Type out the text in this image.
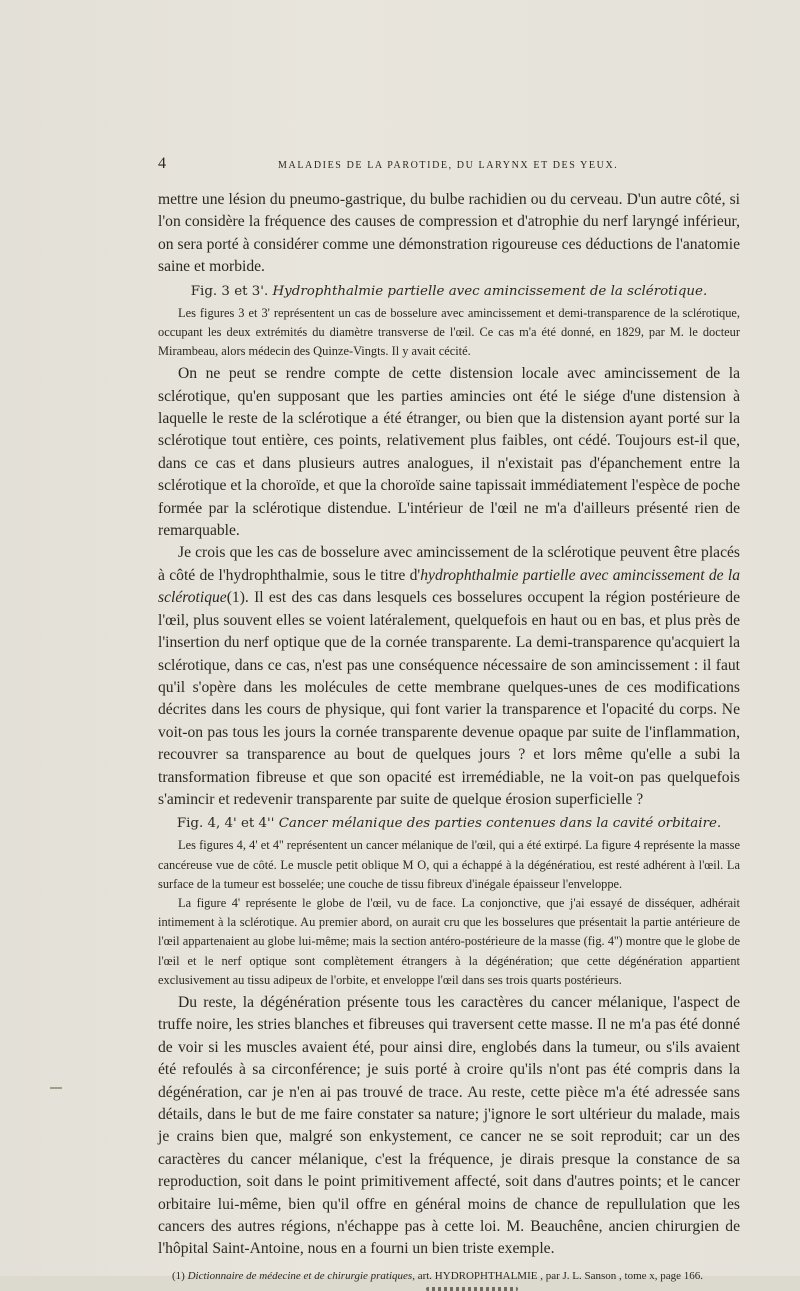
4	MALADIES DE LA PAROTIDE, DU LARYNX ET DES YEUX.

mettre une lésion du pneumo-gastrique, du bulbe rachidien ou du cerveau. D'un autre côté, si l'on considère la fréquence des causes de compression et d'atrophie du nerf laryngé inférieur, on sera porté à considérer comme une démonstration rigoureuse ces déductions de l'anatomie saine et morbide.

Fig. 3 et 3'. Hydrophthalmie partielle avec amincissement de la sclérotique.

Les figures 3 et 3' représentent un cas de bosselure avec amincissement et demi-transparence de la sclérotique, occupant les deux extrémités du diamètre transverse de l'œil. Ce cas m'a été donné, en 1829, par M. le docteur Mirambeau, alors médecin des Quinze-Vingts. Il y avait cécité.

On ne peut se rendre compte de cette distension locale avec amincissement de la sclérotique, qu'en supposant que les parties amincies ont été le siége d'une distension à laquelle le reste de la sclérotique a été étranger, ou bien que la distension ayant porté sur la sclérotique tout entière, ces points, relativement plus faibles, ont cédé. Toujours est-il que, dans ce cas et dans plusieurs autres analogues, il n'existait pas d'épanchement entre la sclérotique et la choroïde, et que la choroïde saine tapissait immédiatement l'espèce de poche formée par la sclérotique distendue. L'intérieur de l'œil ne m'a d'ailleurs présenté rien de remarquable.

Je crois que les cas de bosselure avec amincissement de la sclérotique peuvent être placés à côté de l'hydrophthalmie, sous le titre d'hydrophthalmie partielle avec amincissement de la sclérotique(1). Il est des cas dans lesquels ces bosselures occupent la région postérieure de l'œil, plus souvent elles se voient latéralement, quelquefois en haut ou en bas, et plus près de l'insertion du nerf optique que de la cornée transparente. La demi-transparence qu'acquiert la sclérotique, dans ce cas, n'est pas une conséquence nécessaire de son amincissement : il faut qu'il s'opère dans les molécules de cette membrane quelques-unes de ces modifications décrites dans les cours de physique, qui font varier la transparence et l'opacité du corps. Ne voit-on pas tous les jours la cornée transparente devenue opaque par suite de l'inflammation, recouvrer sa transparence au bout de quelques jours ? et lors même qu'elle a subi la transformation fibreuse et que son opacité est irremédiable, ne la voit-on pas quelquefois s'amincir et redevenir transparente par suite de quelque érosion superficielle ?

Fig. 4, 4' et 4'' Cancer mélanique des parties contenues dans la cavité orbitaire.

Les figures 4, 4' et 4'' représentent un cancer mélanique de l'œil, qui a été extirpé. La figure 4 représente la masse cancéreuse vue de côté. Le muscle petit oblique M O, qui a échappé à la dégénératiou, est resté adhérent à l'œil. La surface de la tumeur est bosselée; une couche de tissu fibreux d'inégale épaisseur l'enveloppe.

La figure 4' représente le globe de l'œil, vu de face. La conjonctive, que j'ai essayé de disséquer, adhérait intimement à la sclérotique. Au premier abord, on aurait cru que les bosselures que présentait la partie antérieure de l'œil appartenaient au globe lui-même; mais la section antéro-postérieure de la masse (fig. 4'') montre que le globe de l'œil et le nerf optique sont complètement étrangers à la dégénération; que cette dégénération appartient exclusivement au tissu adipeux de l'orbite, et enveloppe l'œil dans ses trois quarts postérieurs.

Du reste, la dégénération présente tous les caractères du cancer mélanique, l'aspect de truffe noire, les stries blanches et fibreuses qui traversent cette masse. Il ne m'a pas été donné de voir si les muscles avaient été, pour ainsi dire, englobés dans la tumeur, ou s'ils avaient été refoulés à sa circonférence; je suis porté à croire qu'ils n'ont pas été compris dans la dégénération, car je n'en ai pas trouvé de trace. Au reste, cette pièce m'a été adressée sans détails, dans le but de me faire constater sa nature; j'ignore le sort ultérieur du malade, mais je crains bien que, malgré son enkystement, ce cancer ne se soit reproduit; car un des caractères du cancer mélanique, c'est la fréquence, je dirais presque la constance de sa reproduction, soit dans le point primitivement affecté, soit dans d'autres points; et le cancer orbitaire lui-même, bien qu'il offre en général moins de chance de repullulation que les cancers des autres régions, n'échappe pas à cette loi. M. Beauchêne, ancien chirurgien de l'hôpital Saint-Antoine, nous en a fourni un bien triste exemple.

(1) Dictionnaire de médecine et de chirurgie pratiques, art. HYDROPHTHALMIE , par J. L. Sanson , tome x, page 166.
